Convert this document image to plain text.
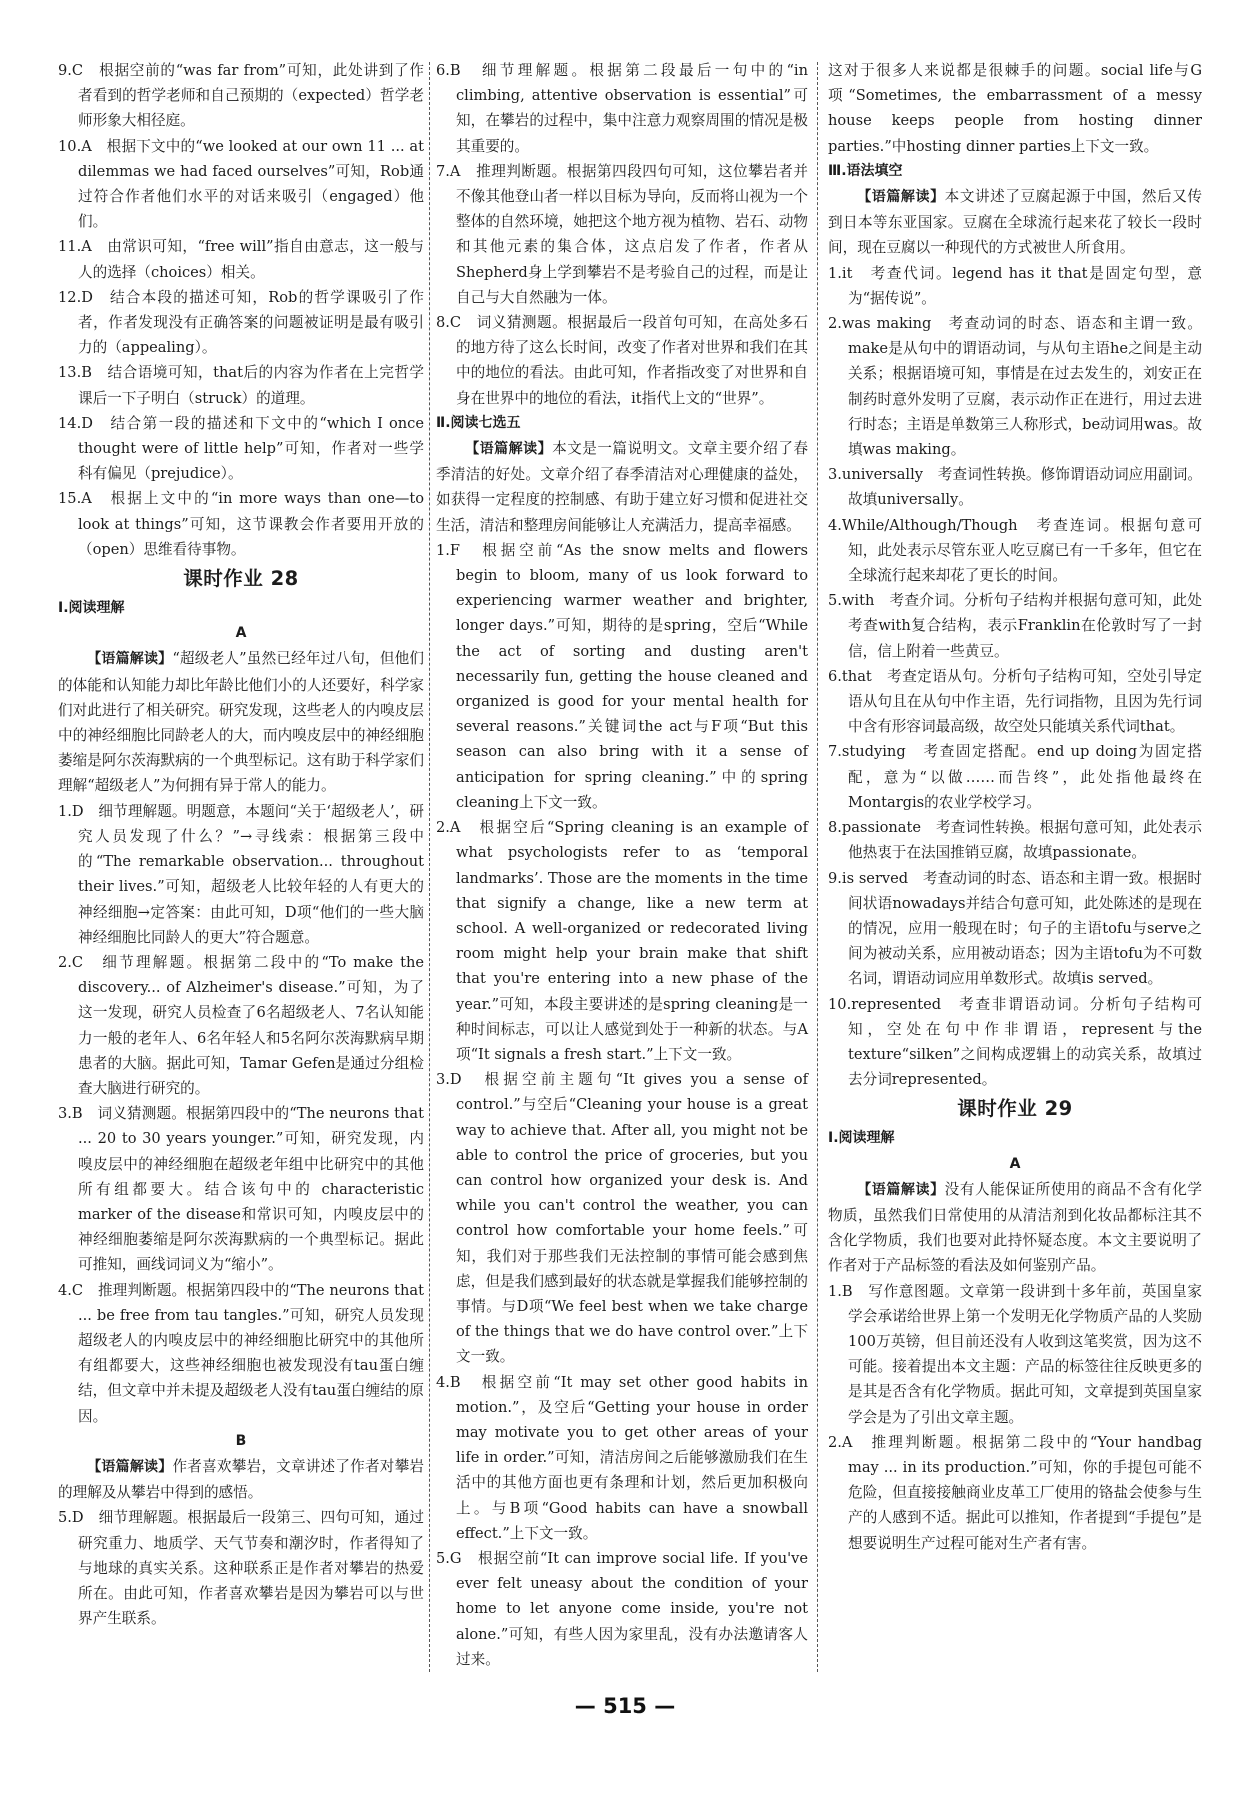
9.C　根据空前的“was far from”可知，此处讲到了作者看到的哲学老师和自己预期的（expected）哲学老师形象大相径庭。
10.A　根据下文中的“we looked at our own 11 ... at dilemmas we had faced ourselves”可知，Rob通过符合作者他们水平的对话来吸引（engaged）他们。
11.A　由常识可知，“free will”指自由意志，这一般与人的选择（choices）相关。
12.D　结合本段的描述可知，Rob的哲学课吸引了作者，作者发现没有正确答案的问题被证明是最有吸引力的（appealing）。
13.B　结合语境可知，that后的内容为作者在上完哲学课后一下子明白（struck）的道理。
14.D　结合第一段的描述和下文中的“which I once thought were of little help”可知，作者对一些学科有偏见（prejudice）。
15.A　根据上文中的“in more ways than one—to look at things”可知，这节课教会作者要用开放的（open）思维看待事物。
课时作业 28
Ⅰ.阅读理解
A
【语篇解读】“超级老人”虽然已经年过八旬，但他们的体能和认知能力却比年龄比他们小的人还要好，科学家们对此进行了相关研究。研究发现，这些老人的内嗅皮层中的神经细胞比同龄老人的大，而内嗅皮层中的神经细胞萎缩是阿尔茨海默病的一个典型标记。这有助于科学家们理解“超级老人”为何拥有异于常人的能力。
1.D　细节理解题。明题意，本题问“关于‘超级老人’，研究人员发现了什么？”→寻线索：根据第三段中的“The remarkable observation... throughout their lives.”可知，超级老人比较年轻的人有更大的神经细胞→定答案：由此可知，D项“他们的一些大脑神经细胞比同龄人的更大”符合题意。
2.C　细节理解题。根据第二段中的“To make the discovery... of Alzheimer's disease.”可知，为了这一发现，研究人员检查了6名超级老人、7名认知能力一般的老年人、6名年轻人和5名阿尔茨海默病早期患者的大脑。据此可知，Tamar Gefen是通过分组检查大脑进行研究的。
3.B　词义猜测题。根据第四段中的“The neurons that ... 20 to 30 years younger.”可知，研究发现，内嗅皮层中的神经细胞在超级老年组中比研究中的其他所有组都要大。结合该句中的 characteristic marker of the disease和常识可知，内嗅皮层中的神经细胞萎缩是阿尔茨海默病的一个典型标记。据此可推知，画线词词义为“缩小”。
4.C　推理判断题。根据第四段中的“The neurons that ... be free from tau tangles.”可知，研究人员发现超级老人的内嗅皮层中的神经细胞比研究中的其他所有组都要大，这些神经细胞也被发现没有tau蛋白缠结，但文章中并未提及超级老人没有tau蛋白缠结的原因。
B
【语篇解读】作者喜欢攀岩，文章讲述了作者对攀岩的理解及从攀岩中得到的感悟。
5.D　细节理解题。根据最后一段第三、四句可知，通过研究重力、地质学、天气节奏和潮汐时，作者得知了与地球的真实关系。这种联系正是作者对攀岩的热爱所在。由此可知，作者喜欢攀岩是因为攀岩可以与世界产生联系。
6.B　细节理解题。根据第二段最后一句中的“in climbing, attentive observation is essential”可知，在攀岩的过程中，集中注意力观察周围的情况是极其重要的。
7.A　推理判断题。根据第四段四句可知，这位攀岩者并不像其他登山者一样以目标为导向，反而将山视为一个整体的自然环境，她把这个地方视为植物、岩石、动物和其他元素的集合体，这点启发了作者，作者从Shepherd身上学到攀岩不是考验自己的过程，而是让自己与大自然融为一体。
8.C　词义猜测题。根据最后一段首句可知，在高处多石的地方待了这么长时间，改变了作者对世界和我们在其中的地位的看法。由此可知，作者指改变了对世界和自身在世界中的地位的看法，it指代上文的“世界”。
Ⅱ.阅读七选五
【语篇解读】本文是一篇说明文。文章主要介绍了春季清洁的好处。文章介绍了春季清洁对心理健康的益处，如获得一定程度的控制感、有助于建立好习惯和促进社交生活，清洁和整理房间能够让人充满活力，提高幸福感。
1.F　根据空前“As the snow melts and flowers begin to bloom, many of us look forward to experiencing warmer weather and brighter, longer days.”可知，期待的是spring，空后“While the act of sorting and dusting aren't necessarily fun, getting the house cleaned and organized is good for your mental health for several reasons.”关键词the act与F项“But this season can also bring with it a sense of anticipation for spring cleaning.”中的spring cleaning上下文一致。
2.A　根据空后“Spring cleaning is an example of what psychologists refer to as ‘temporal landmarks’. Those are the moments in the time that signify a change, like a new term at school. A well-organized or redecorated living room might help your brain make that shift that you're entering into a new phase of the year.”可知，本段主要讲述的是spring cleaning是一种时间标志，可以让人感觉到处于一种新的状态。与A项“It signals a fresh start.”上下文一致。
3.D　根据空前主题句“It gives you a sense of control.”与空后“Cleaning your house is a great way to achieve that. After all, you might not be able to control the price of groceries, but you can control how organized your desk is. And while you can't control the weather, you can control how comfortable your home feels.”可知，我们对于那些我们无法控制的事情可能会感到焦虑，但是我们感到最好的状态就是掌握我们能够控制的事情。与D项“We feel best when we take charge of the things that we do have control over.”上下文一致。
4.B　根据空前“It may set other good habits in motion.”，及空后“Getting your house in order may motivate you to get other areas of your life in order.”可知，清洁房间之后能够激励我们在生活中的其他方面也更有条理和计划，然后更加积极向上。与B项“Good habits can have a snowball effect.”上下文一致。
5.G　根据空前“It can improve social life. If you've ever felt uneasy about the condition of your home to let anyone come inside, you're not alone.”可知，有些人因为家里乱，没有办法邀请客人过来。
这对于很多人来说都是很棘手的问题。social life与G项“Sometimes, the embarrassment of a messy house keeps people from hosting dinner parties.”中hosting dinner parties上下文一致。
Ⅲ.语法填空
【语篇解读】本文讲述了豆腐起源于中国，然后又传到日本等东亚国家。豆腐在全球流行起来花了较长一段时间，现在豆腐以一种现代的方式被世人所食用。
1.it　考查代词。legend has it that是固定句型，意为“据传说”。
2.was making　考查动词的时态、语态和主谓一致。make是从句中的谓语动词，与从句主语he之间是主动关系；根据语境可知，事情是在过去发生的，刘安正在制药时意外发明了豆腐，表示动作正在进行，用过去进行时态；主语是单数第三人称形式，be动词用was。故填was making。
3.universally　考查词性转换。修饰谓语动词应用副词。故填universally。
4.While/Although/Though　考查连词。根据句意可知，此处表示尽管东亚人吃豆腐已有一千多年，但它在全球流行起来却花了更长的时间。
5.with　考查介词。分析句子结构并根据句意可知，此处考查with复合结构，表示Franklin在伦敦时写了一封信，信上附着一些黄豆。
6.that　考查定语从句。分析句子结构可知，空处引导定语从句且在从句中作主语，先行词指物，且因为先行词中含有形容词最高级，故空处只能填关系代词that。
7.studying　考查固定搭配。end up doing为固定搭配，意为“以做……而告终”，此处指他最终在Montargis的农业学校学习。
8.passionate　考查词性转换。根据句意可知，此处表示他热衷于在法国推销豆腐，故填passionate。
9.is served　考查动词的时态、语态和主谓一致。根据时间状语nowadays并结合句意可知，此处陈述的是现在的情况，应用一般现在时；句子的主语tofu与serve之间为被动关系，应用被动语态；因为主语tofu为不可数名词，谓语动词应用单数形式。故填is served。
10.represented　考查非谓语动词。分析句子结构可知，空处在句中作非谓语，represent与the texture“silken”之间构成逻辑上的动宾关系，故填过去分词represented。
课时作业 29
Ⅰ.阅读理解
A
【语篇解读】没有人能保证所使用的商品不含有化学物质，虽然我们日常使用的从清洁剂到化妆品都标注其不含化学物质，我们也要对此持怀疑态度。本文主要说明了作者对于产品标签的看法及如何鉴别产品。
1.B　写作意图题。文章第一段讲到十多年前，英国皇家学会承诺给世界上第一个发明无化学物质产品的人奖励100万英镑，但目前还没有人收到这笔奖赏，因为这不可能。接着提出本文主题：产品的标签往往反映更多的是其是否含有化学物质。据此可知，文章提到英国皇家学会是为了引出文章主题。
2.A　推理判断题。根据第二段中的“Your handbag may ... in its production.”可知，你的手提包可能不危险，但直接接触商业皮革工厂使用的铬盐会使参与生产的人感到不适。据此可以推知，作者提到“手提包”是想要说明生产过程可能对生产者有害。
— 515 —
